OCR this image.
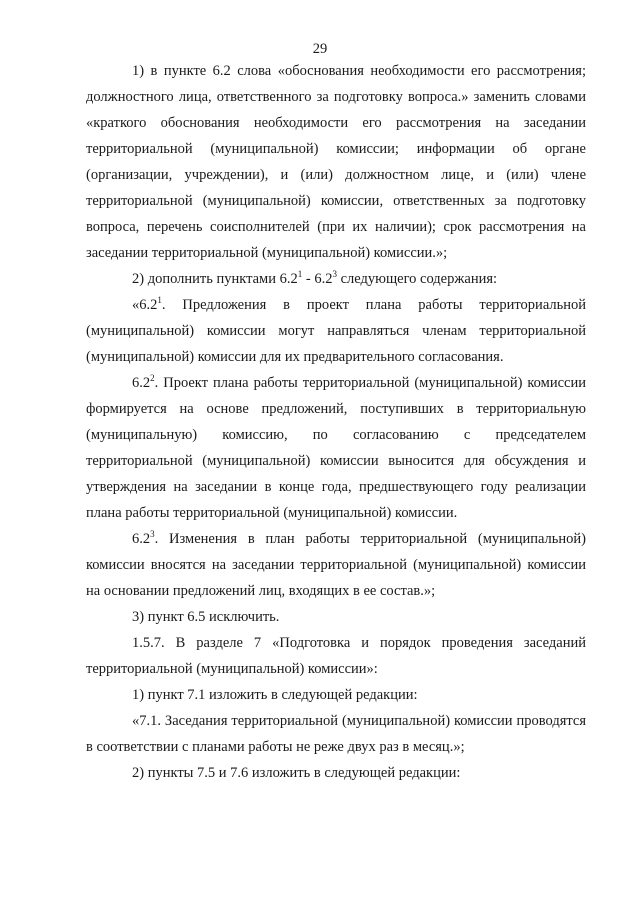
29

1) в пункте 6.2 слова «обоснования необходимости его рассмотрения; должностного лица, ответственного за подготовку вопроса.» заменить словами «краткого обоснования необходимости его рассмотрения на заседании территориальной (муниципальной) комиссии; информации об органе (организации, учреждении), и (или) должностном лице, и (или) члене территориальной (муниципальной) комиссии, ответственных за подготовку вопроса, перечень соисполнителей (при их наличии); срок рассмотрения на заседании территориальной (муниципальной) комиссии.»;

2) дополнить пунктами $6.2^1 - 6.2^3$ следующего содержания:

«$6.2^1$. Предложения в проект плана работы территориальной (муниципальной) комиссии могут направляться членам территориальной (муниципальной) комиссии для их предварительного согласования.

$6.2^2$. Проект плана работы территориальной (муниципальной) комиссии формируется на основе предложений, поступивших в территориальную (муниципальную) комиссию, по согласованию с председателем территориальной (муниципальной) комиссии выносится для обсуждения и утверждения на заседании в конце года, предшествующего году реализации плана работы территориальной (муниципальной) комиссии.

$6.2^3$. Изменения в план работы территориальной (муниципальной) комиссии вносятся на заседании территориальной (муниципальной) комиссии на основании предложений лиц, входящих в ее состав.»;

3) пункт 6.5 исключить.

1.5.7. В разделе 7 «Подготовка и порядок проведения заседаний территориальной (муниципальной) комиссии»:

1) пункт 7.1 изложить в следующей редакции:

«7.1. Заседания территориальной (муниципальной) комиссии проводятся в соответствии с планами работы не реже двух раз в месяц.»;

2) пункты 7.5 и 7.6 изложить в следующей редакции:
